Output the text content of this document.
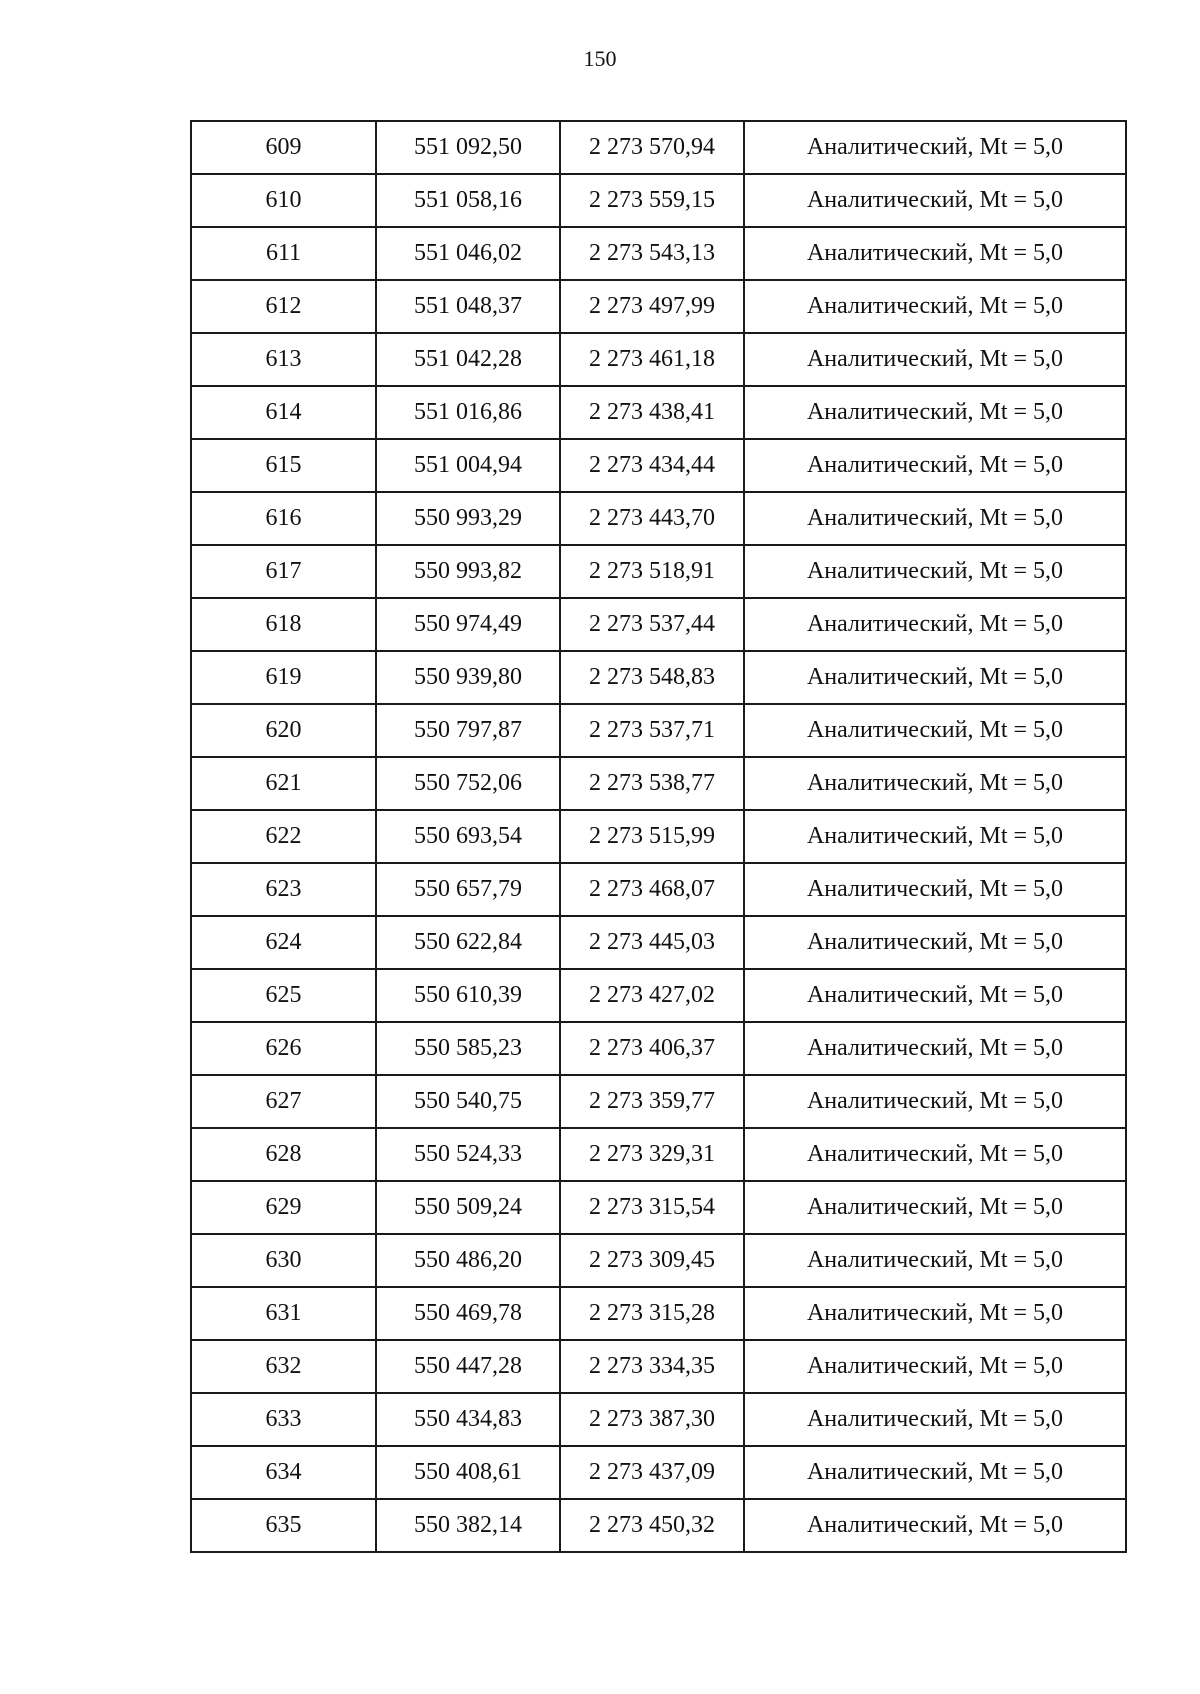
150
609	551 092,50	2 273 570,94	Аналитический, Mt = 5,0
610	551 058,16	2 273 559,15	Аналитический, Mt = 5,0
611	551 046,02	2 273 543,13	Аналитический, Mt = 5,0
612	551 048,37	2 273 497,99	Аналитический, Mt = 5,0
613	551 042,28	2 273 461,18	Аналитический, Mt = 5,0
614	551 016,86	2 273 438,41	Аналитический, Mt = 5,0
615	551 004,94	2 273 434,44	Аналитический, Mt = 5,0
616	550 993,29	2 273 443,70	Аналитический, Mt = 5,0
617	550 993,82	2 273 518,91	Аналитический, Mt = 5,0
618	550 974,49	2 273 537,44	Аналитический, Mt = 5,0
619	550 939,80	2 273 548,83	Аналитический, Mt = 5,0
620	550 797,87	2 273 537,71	Аналитический, Mt = 5,0
621	550 752,06	2 273 538,77	Аналитический, Mt = 5,0
622	550 693,54	2 273 515,99	Аналитический, Mt = 5,0
623	550 657,79	2 273 468,07	Аналитический, Mt = 5,0
624	550 622,84	2 273 445,03	Аналитический, Mt = 5,0
625	550 610,39	2 273 427,02	Аналитический, Mt = 5,0
626	550 585,23	2 273 406,37	Аналитический, Mt = 5,0
627	550 540,75	2 273 359,77	Аналитический, Mt = 5,0
628	550 524,33	2 273 329,31	Аналитический, Mt = 5,0
629	550 509,24	2 273 315,54	Аналитический, Mt = 5,0
630	550 486,20	2 273 309,45	Аналитический, Mt = 5,0
631	550 469,78	2 273 315,28	Аналитический, Mt = 5,0
632	550 447,28	2 273 334,35	Аналитический, Mt = 5,0
633	550 434,83	2 273 387,30	Аналитический, Mt = 5,0
634	550 408,61	2 273 437,09	Аналитический, Mt = 5,0
635	550 382,14	2 273 450,32	Аналитический, Mt = 5,0
